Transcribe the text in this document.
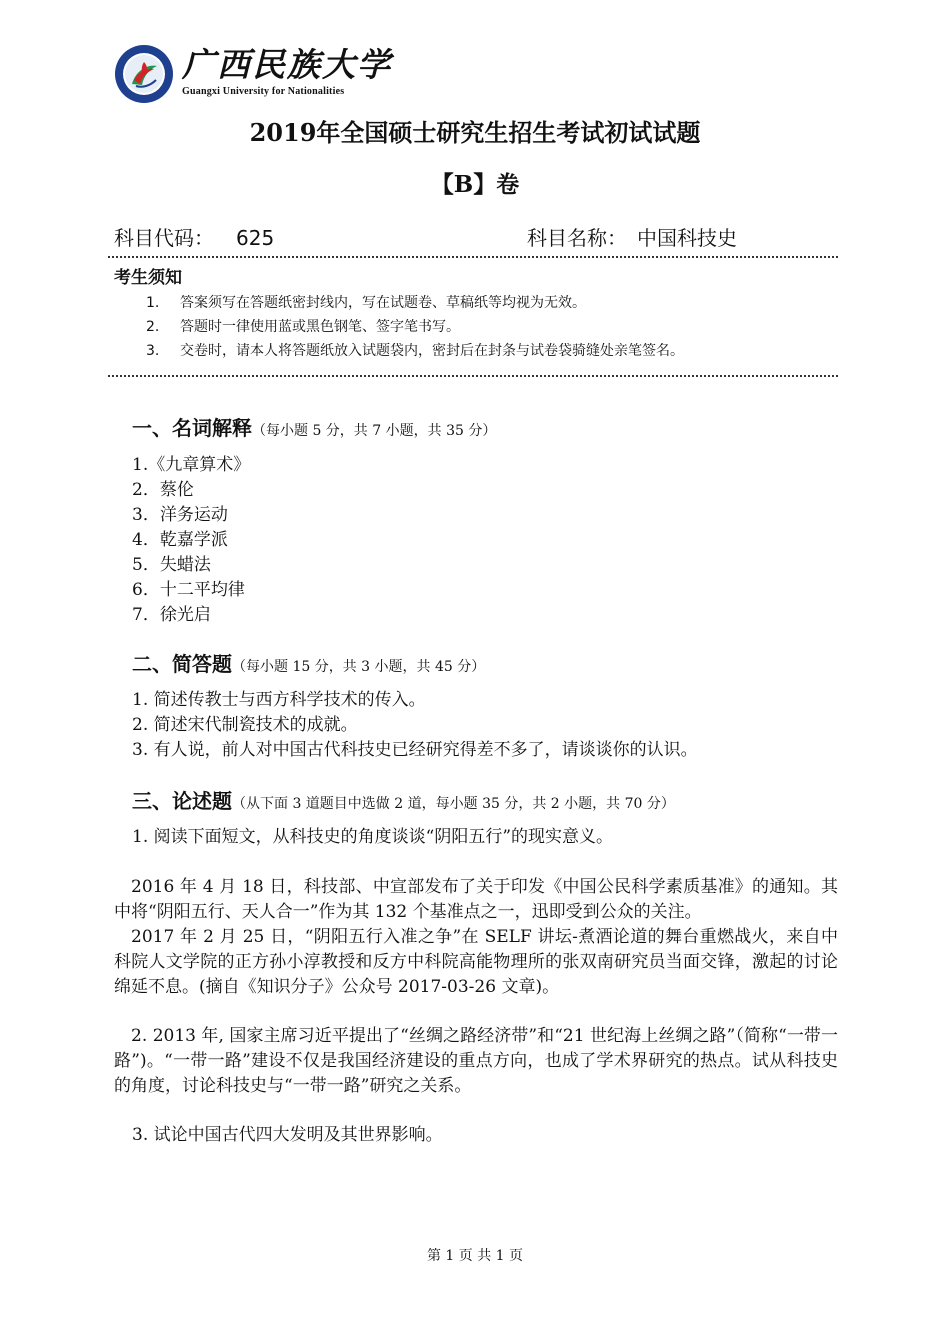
广西民族大学
Guangxi University for Nationalities
2019年全国硕士研究生招生考试初试试题
【B】卷
科目代码： 625	科目名称： 中国科技史
考生须知
1. 答案须写在答题纸密封线内，写在试题卷、草稿纸等均视为无效。
2. 答题时一律使用蓝或黑色钢笔、签字笔书写。
3. 交卷时，请本人将答题纸放入试题袋内，密封后在封条与试卷袋骑缝处亲笔签名。
一、名词解释（每小题 5 分，共 7 小题，共 35 分）
1.《九章算术》
2．蔡伦
3．洋务运动
4．乾嘉学派
5．失蜡法
6．十二平均律
7．徐光启
二、简答题（每小题 15 分，共 3 小题，共 45 分）
1. 简述传教士与西方科学技术的传入。
2. 简述宋代制瓷技术的成就。
3. 有人说，前人对中国古代科技史已经研究得差不多了，请谈谈你的认识。
三、论述题（从下面 3 道题目中选做 2 道，每小题 35 分，共 2 小题，共 70 分）
1. 阅读下面短文，从科技史的角度谈谈“阴阳五行”的现实意义。
2016 年 4 月 18 日，科技部、中宣部发布了关于印发《中国公民科学素质基准》的通知。其中将“阴阳五行、天人合一”作为其 132 个基准点之一，迅即受到公众的关注。
2017 年 2 月 25 日，“阴阳五行入准之争”在 SELF 讲坛-煮酒论道的舞台重燃战火，来自中科院人文学院的正方孙小淳教授和反方中科院高能物理所的张双南研究员当面交锋，激起的讨论绵延不息。(摘自《知识分子》公众号 2017-03-26 文章)。
2. 2013 年, 国家主席习近平提出了“丝绸之路经济带”和“21 世纪海上丝绸之路”（简称“一带一路”)。“一带一路”建设不仅是我国经济建设的重点方向，也成了学术界研究的热点。试从科技史的角度，讨论科技史与“一带一路”研究之关系。
3. 试论中国古代四大发明及其世界影响。
第 1 页 共 1 页
